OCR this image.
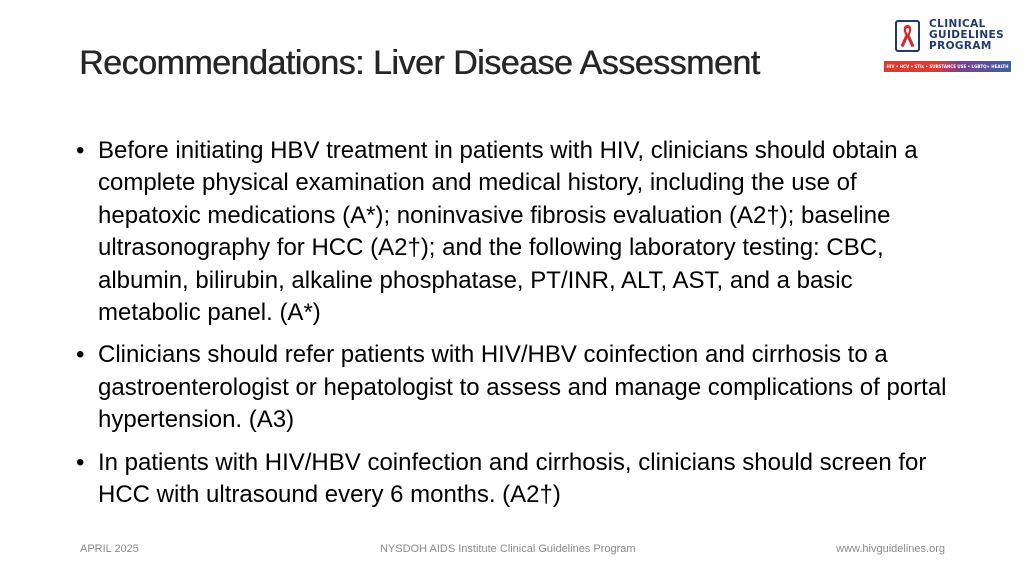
Recommendations: Liver Disease Assessment
CLINICAL
GUIDELINES
PROGRAM
HIV • HCV • STIs • SUBSTANCE USE • LGBTQ+ HEALTH
• Before initiating HBV treatment in patients with HIV, clinicians should obtain a complete physical examination and medical history, including the use of hepatoxic medications (A*); noninvasive fibrosis evaluation (A2†); baseline ultrasonography for HCC (A2†); and the following laboratory testing: CBC, albumin, bilirubin, alkaline phosphatase, PT/INR, ALT, AST, and a basic metabolic panel. (A*)
• Clinicians should refer patients with HIV/HBV coinfection and cirrhosis to a gastroenterologist or hepatologist to assess and manage complications of portal hypertension. (A3)
• In patients with HIV/HBV coinfection and cirrhosis, clinicians should screen for HCC with ultrasound every 6 months. (A2†)
APRIL 2025	NYSDOH AIDS Institute Clinical Guidelines Program	www.hivguidelines.org
